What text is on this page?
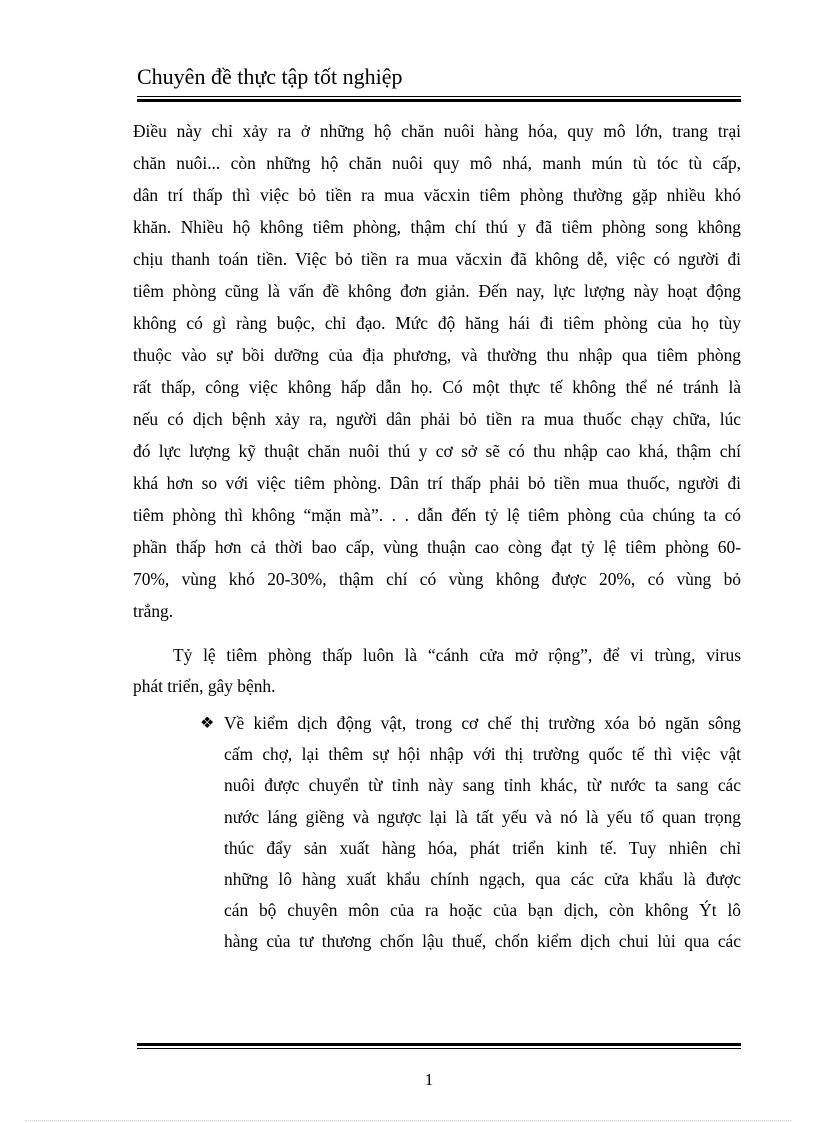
Chuyên đề thực tập tốt nghiệp
Điều này chỉ xảy ra ở những hộ chăn nuôi hàng hóa, quy mô lớn, trang trại
chăn nuôi... còn những hộ chăn nuôi quy mô nhá, manh mún tù tóc tù cấp,
dân trí thấp thì việc bỏ tiền ra mua văcxin tiêm phòng thường gặp nhiều khó
khăn. Nhiều hộ không tiêm phòng, thậm chí thú y đã tiêm phòng song không
chịu thanh toán tiền. Việc bỏ tiền ra mua văcxin đã không dễ, việc có người đi
tiêm phòng cũng là vấn đề không đơn giản. Đến nay, lực lượng này hoạt động
không có gì ràng buộc, chỉ đạo. Mức độ hăng hái đi tiêm phòng của họ tùy
thuộc vào sự bồi dưỡng của địa phương, và thường thu nhập qua tiêm phòng
rất thấp, công việc không hấp dẫn họ. Có một thực tế không thể né tránh là
nếu có dịch bệnh xảy ra, người dân phải bỏ tiền ra mua thuốc chạy chữa, lúc
đó lực lượng kỹ thuật chăn nuôi thú y cơ sở sẽ có thu nhập cao khá, thậm chí
khá hơn so với việc tiêm phòng. Dân trí thấp phải bỏ tiền mua thuốc, người đi
tiêm phòng thì không “mặn mà”. . . dẫn đến tỷ lệ tiêm phòng của chúng ta có
phần thấp hơn cả thời bao cấp, vùng thuận cao còng đạt tỷ lệ tiêm phòng 60-
70%, vùng khó 20-30%, thậm chí có vùng không được 20%, có vùng bỏ
trắng.
Tỷ lệ tiêm phòng thấp luôn là “cánh cửa mở rộng”, để vi trùng, virus
phát triển, gây bệnh.
❖ Về kiểm dịch động vật, trong cơ chế thị trường xóa bỏ ngăn sông
cấm chợ, lại thêm sự hội nhập với thị trường quốc tế thì việc vật
nuôi được chuyển từ tỉnh này sang tỉnh khác, từ nước ta sang các
nước láng giềng và ngược lại là tất yếu và nó là yếu tố quan trọng
thúc đẩy sản xuất hàng hóa, phát triển kinh tế. Tuy nhiên chỉ
những lô hàng xuất khẩu chính ngạch, qua các cửa khẩu là được
cán bộ chuyên môn của ra hoặc của bạn dịch, còn không Ýt lô
hàng của tư thương chốn lậu thuế, chốn kiểm dịch chui lủi qua các
1
